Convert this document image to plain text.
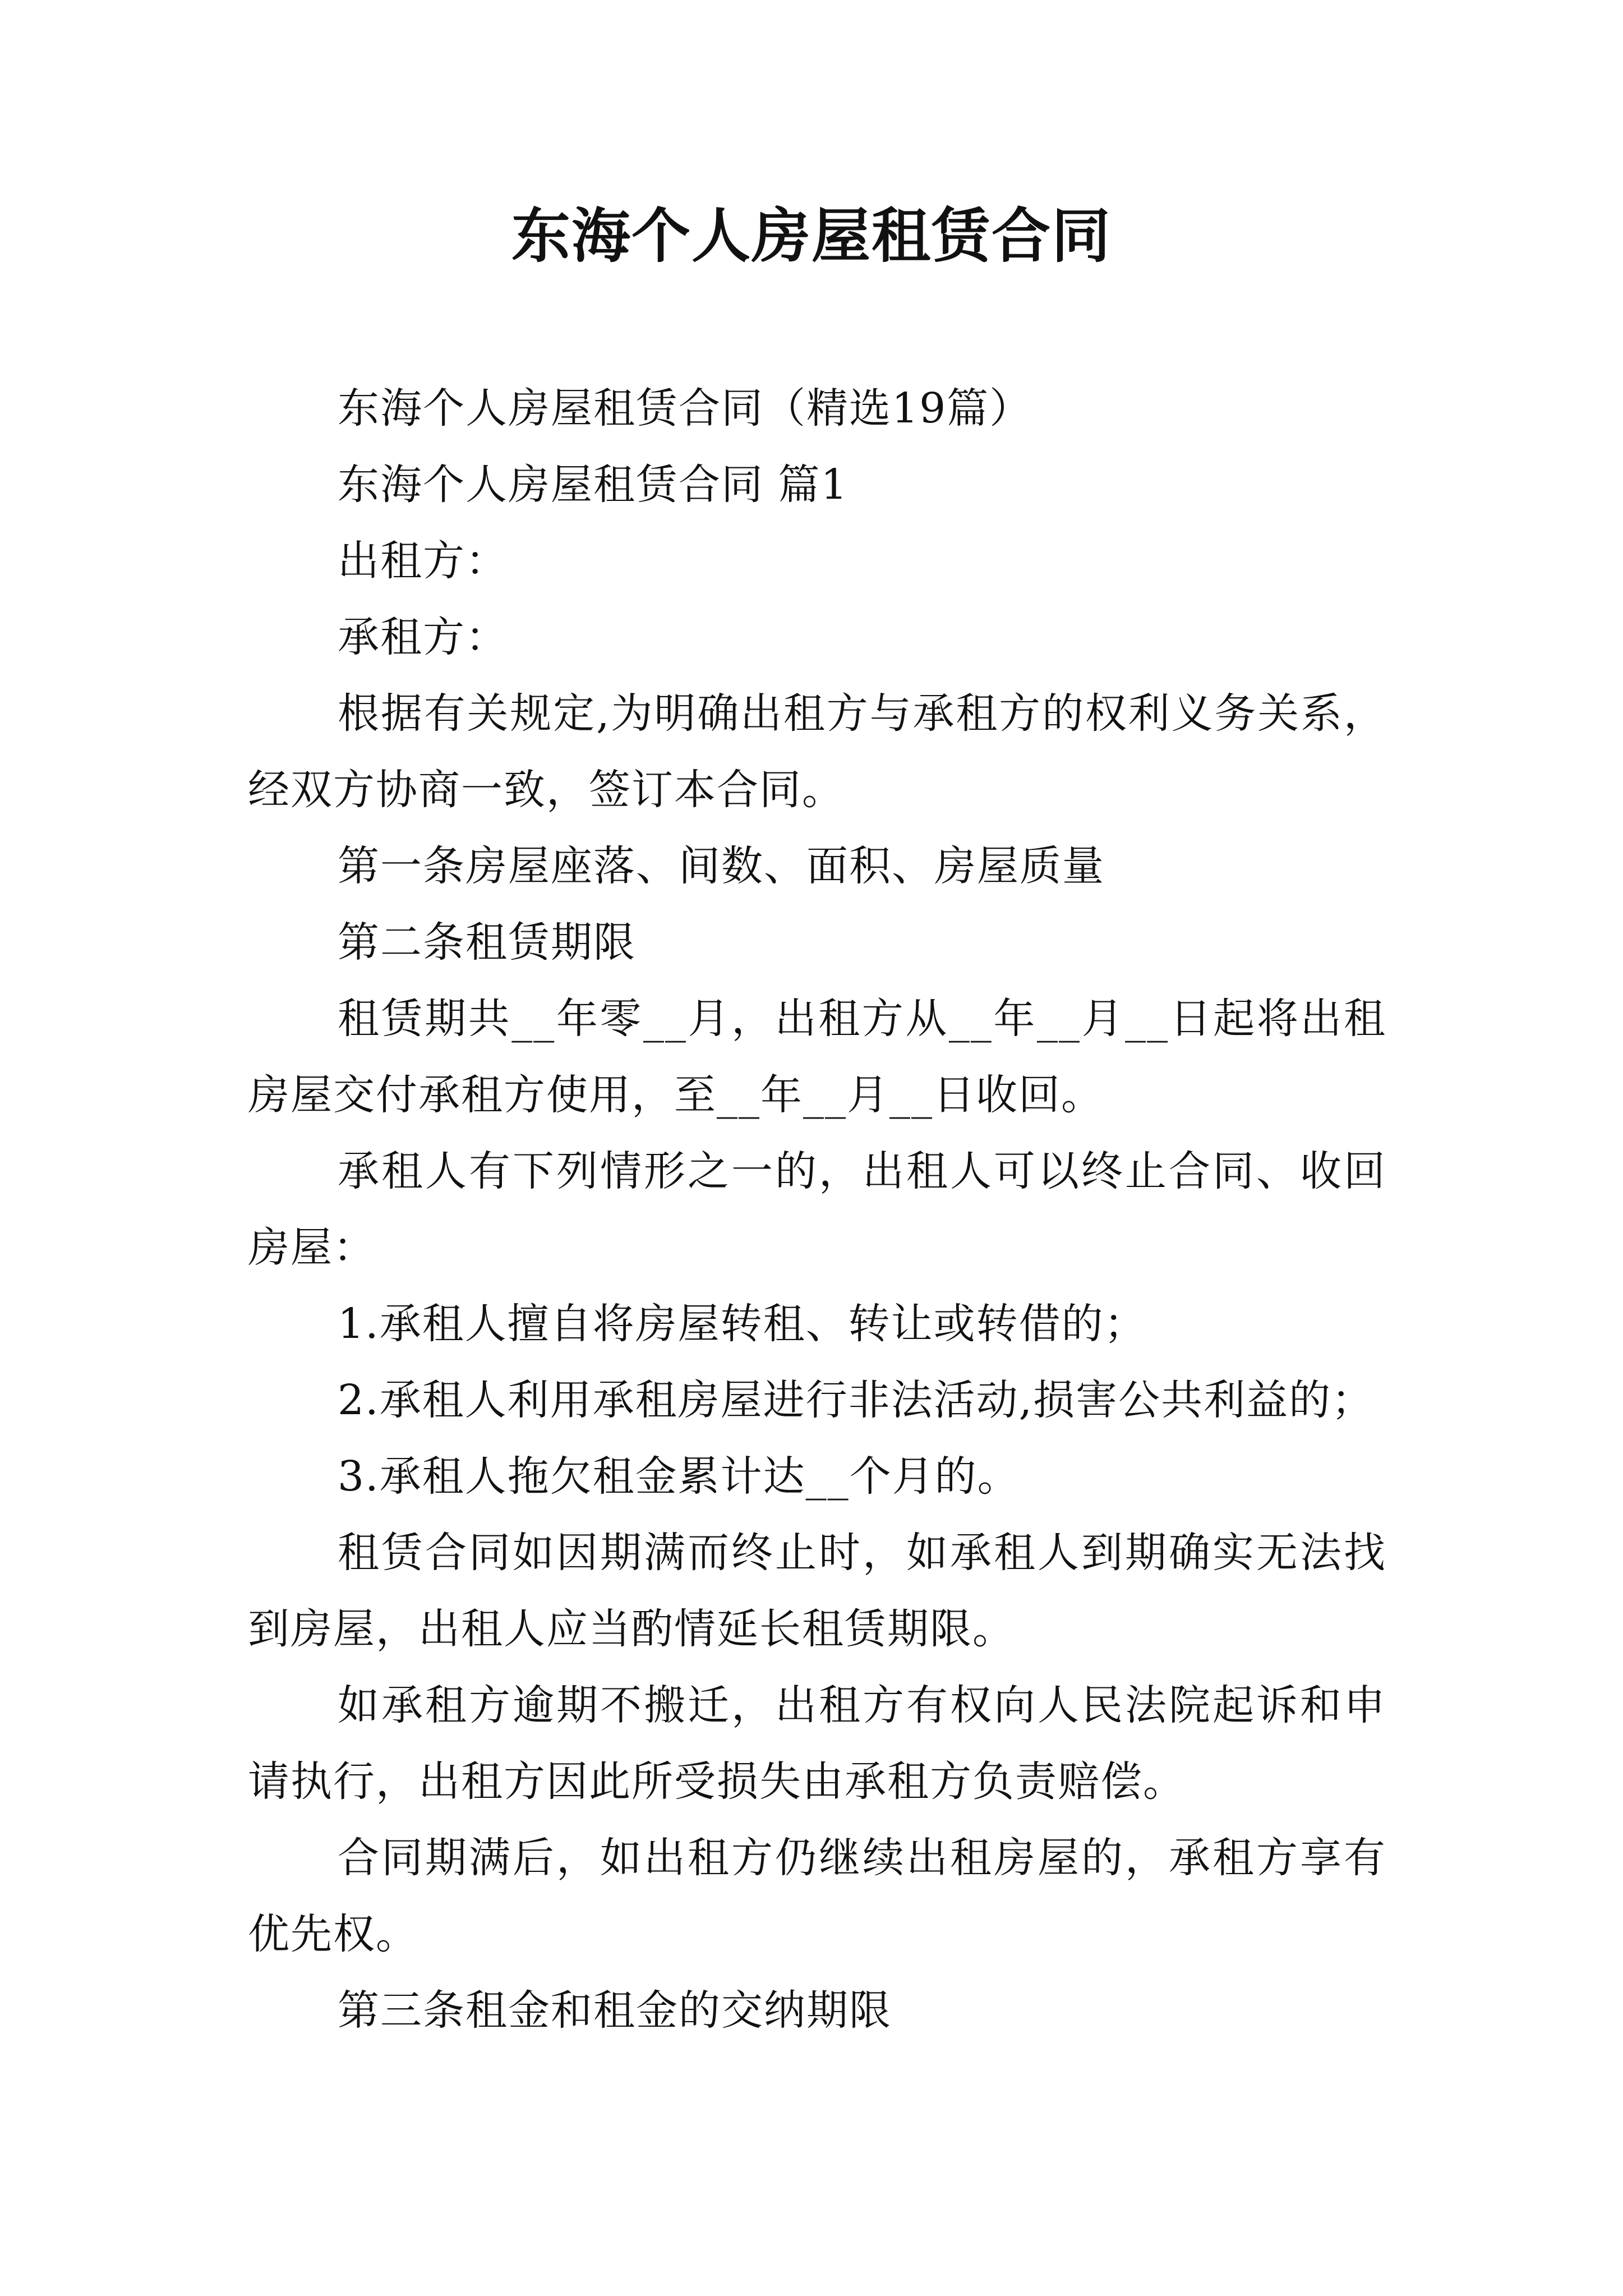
东海个人房屋租赁合同

东海个人房屋租赁合同（精选19篇）

东海个人房屋租赁合同 篇1

出租方：

承租方：

根据有关规定,为明确出租方与承租方的权利义务关系，经双方协商一致，签订本合同。

第一条房屋座落、间数、面积、房屋质量

第二条租赁期限

租赁期共__年零__月，出租方从__年__月__日起将出租房屋交付承租方使用，至__年__月__日收回。

承租人有下列情形之一的，出租人可以终止合同、收回房屋：

1.承租人擅自将房屋转租、转让或转借的；

2.承租人利用承租房屋进行非法活动,损害公共利益的；

3.承租人拖欠租金累计达__个月的。

租赁合同如因期满而终止时，如承租人到期确实无法找到房屋，出租人应当酌情延长租赁期限。

如承租方逾期不搬迁，出租方有权向人民法院起诉和申请执行，出租方因此所受损失由承租方负责赔偿。

合同期满后，如出租方仍继续出租房屋的，承租方享有优先权。

第三条租金和租金的交纳期限
